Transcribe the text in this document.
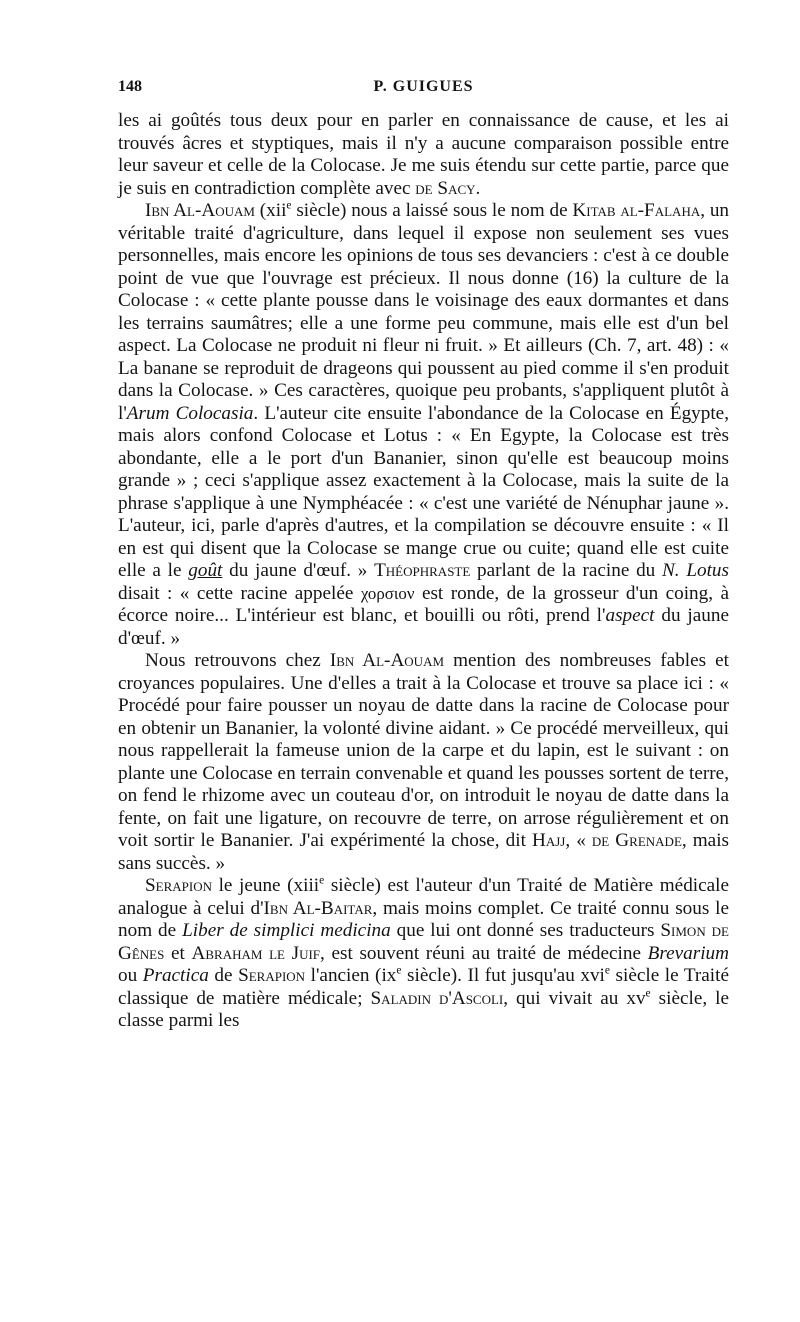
148	P. GUIGUES

les ai goûtés tous deux pour en parler en connaissance de cause, et les ai trouvés âcres et styptiques, mais il n'y a aucune comparaison possible entre leur saveur et celle de la Colocase. Je me suis étendu sur cette partie, parce que je suis en contradiction complète avec de Sacy.

Ibn Al-Aouam (xii$^e$ siècle) nous a laissé sous le nom de Kitab al-Falaha, un véritable traité d'agriculture, dans lequel il expose non seulement ses vues personnelles, mais encore les opinions de tous ses devanciers : c'est à ce double point de vue que l'ouvrage est précieux. Il nous donne (16) la culture de la Colocase : « cette plante pousse dans le voisinage des eaux dormantes et dans les terrains saumâtres; elle a une forme peu commune, mais elle est d'un bel aspect. La Colocase ne produit ni fleur ni fruit. » Et ailleurs (Ch. 7, art. 48) : « La banane se reproduit de drageons qui poussent au pied comme il s'en produit dans la Colocase. » Ces caractères, quoique peu probants, s'appliquent plutôt à l'Arum Colocasia. L'auteur cite ensuite l'abondance de la Colocase en Égypte, mais alors confond Colocase et Lotus : « En Egypte, la Colocase est très abondante, elle a le port d'un Bananier, sinon qu'elle est beaucoup moins grande » ; ceci s'applique assez exactement à la Colocase, mais la suite de la phrase s'applique à une Nymphéacée : « c'est une variété de Nénuphar jaune ». L'auteur, ici, parle d'après d'autres, et la compilation se découvre ensuite : « Il en est qui disent que la Colocase se mange crue ou cuite; quand elle est cuite elle a le goût du jaune d'œuf. » Théophraste parlant de la racine du N. Lotus disait : « cette racine appelée χορσιον est ronde, de la grosseur d'un coing, à écorce noire... L'intérieur est blanc, et bouilli ou rôti, prend l'aspect du jaune d'œuf. »

Nous retrouvons chez Ibn Al-Aouam mention des nombreuses fables et croyances populaires. Une d'elles a trait à la Colocase et trouve sa place ici : « Procédé pour faire pousser un noyau de datte dans la racine de Colocase pour en obtenir un Bananier, la volonté divine aidant. » Ce procédé merveilleux, qui nous rappellerait la fameuse union de la carpe et du lapin, est le suivant : on plante une Colocase en terrain convenable et quand les pousses sortent de terre, on fend le rhizome avec un couteau d'or, on introduit le noyau de datte dans la fente, on fait une ligature, on recouvre de terre, on arrose régulièrement et on voit sortir le Bananier. J'ai expérimenté la chose, dit Hajj, « de Grenade, mais sans succès. »

Serapion le jeune (xiii$^e$ siècle) est l'auteur d'un Traité de Matière médicale analogue à celui d'Ibn Al-Baitar, mais moins complet. Ce traité connu sous le nom de Liber de simplici medicina que lui ont donné ses traducteurs Simon de Gênes et Abraham le Juif, est souvent réuni au traité de médecine Brevarium ou Practica de Serapion l'ancien ($ix^e$ siècle). Il fut jusqu'au xvi$^e$ siècle le Traité classique de matière médicale; Saladin d'Ascoli, qui vivait au $xv^e$ siècle, le classe parmi les
